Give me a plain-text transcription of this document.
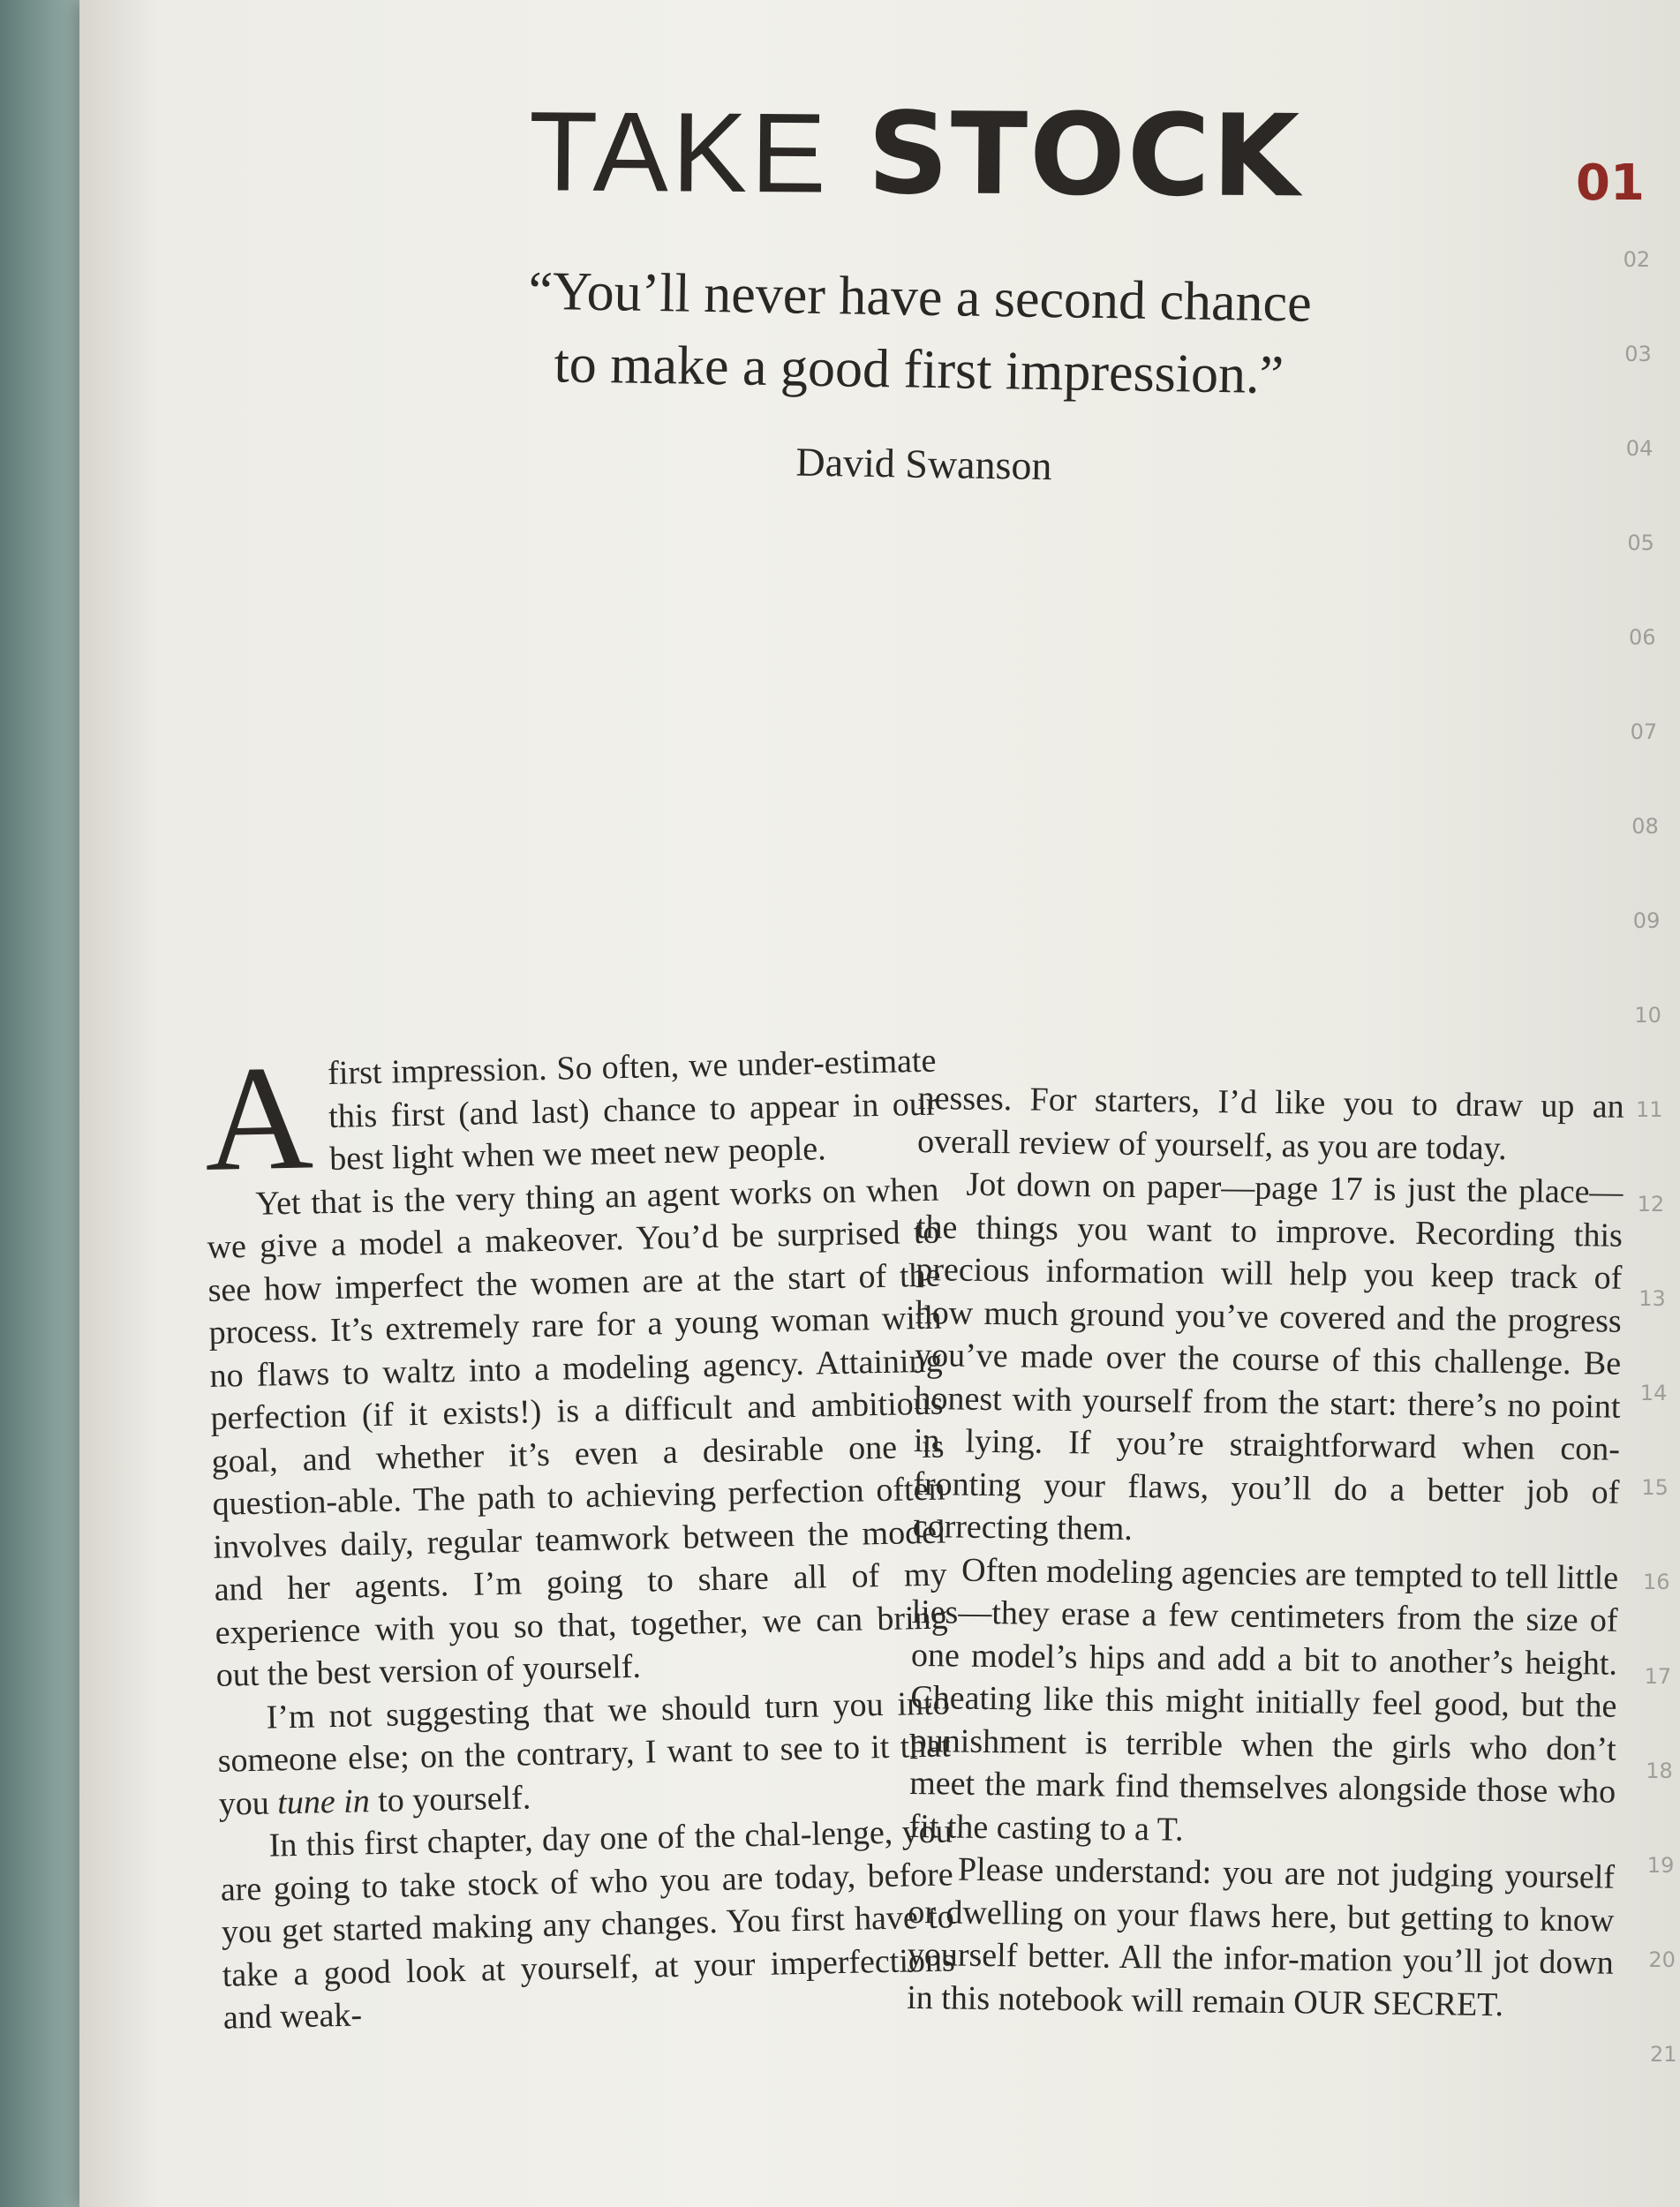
TAKE STOCK
“You’ll never have a second chance
to make a good first impression.”
David Swanson
01
02
03
04
05
06
07
08
09
10
11
12
13
14
15
16
17
18
19
20
21

Afirst impression. So often, we under-estimate this first (and last) chance to appear in our best light when we meet new people.

Yet that is the very thing an agent works on when we give a model a makeover. You’d be surprised to see how imperfect the women are at the start of the process. It’s extremely rare for a young woman with no flaws to waltz into a modeling agency. Attaining perfection (if it exists!) is a difficult and ambitious goal, and whether it’s even a desirable one is question-able. The path to achieving perfection often involves daily, regular teamwork between the model and her agents. I’m going to share all of my experience with you so that, together, we can bring out the best version of yourself.

I’m not suggesting that we should turn you into someone else; on the contrary, I want to see to it that you tune in to yourself.

In this first chapter, day one of the chal-lenge, you are going to take stock of who you are today, before you get started making any changes. You first have to take a good look at yourself, at your imperfections and weak-

nesses. For starters, I’d like you to draw up an overall review of yourself, as you are today.

Jot down on paper—page 17 is just the place—the things you want to improve. Recording this precious information will help you keep track of how much ground you’ve covered and the progress you’ve made over the course of this challenge. Be honest with yourself from the start: there’s no point in lying. If you’re straightforward when con-fronting your flaws, you’ll do a better job of correcting them.

Often modeling agencies are tempted to tell little lies—they erase a few centimeters from the size of one model’s hips and add a bit to another’s height. Cheating like this might initially feel good, but the punishment is terrible when the girls who don’t meet the mark find themselves alongside those who fit the casting to a T.

Please understand: you are not judging yourself or dwelling on your flaws here, but getting to know yourself better. All the infor-mation you’ll jot down in this notebook will remain OUR SECRET.
